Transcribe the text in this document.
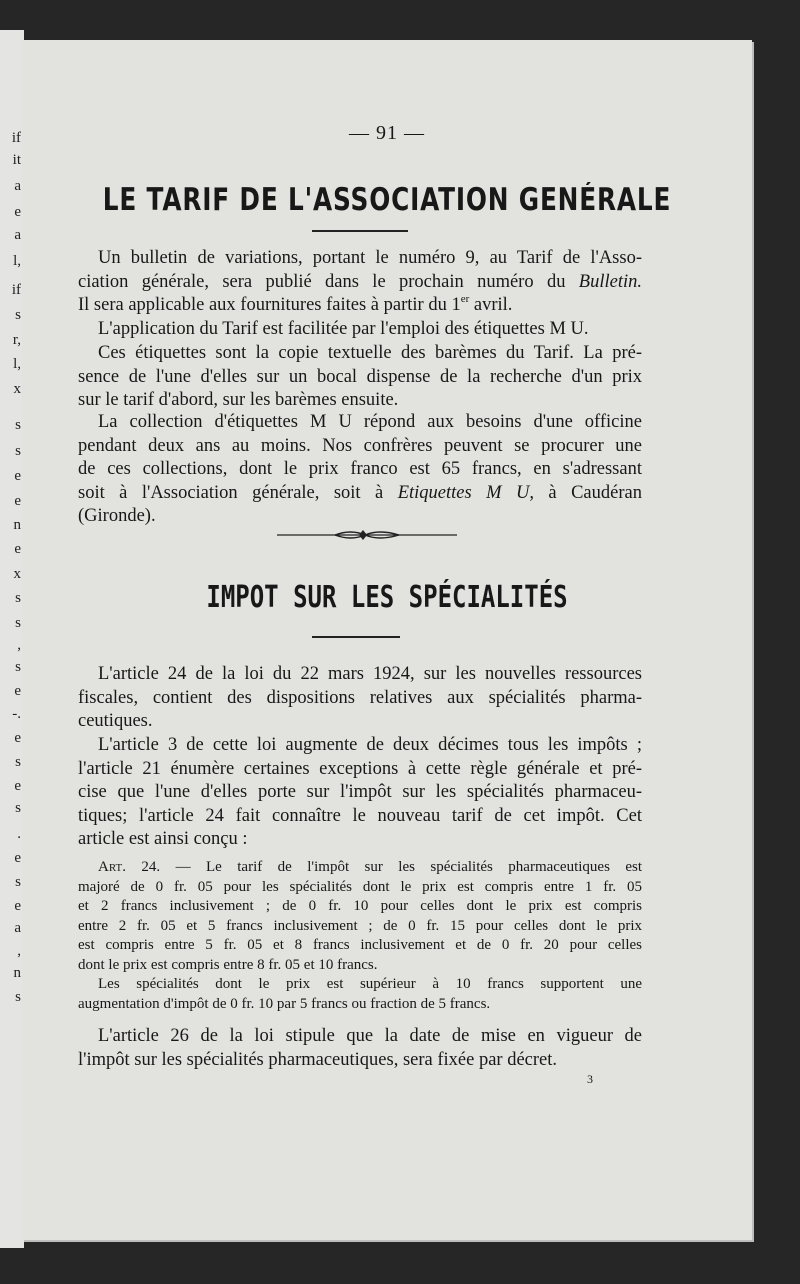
if
it
a
e
a
l,
if
s
r,
l,
x
s
s
e
e
n
e
x
s
s
,
s
e
-.
e
s
e
s
.
e
s
e
a
,
n
s
— 91 —
LE TARIF DE L'ASSOCIATION GENÉRALE

Un bulletin de variations, portant le numéro 9, au Tarif de l'Asso-
ciation générale, sera publié dans le prochain numéro du Bulletin.
Il sera applicable aux fournitures faites à partir du 1er avril.

L'application du Tarif est facilitée par l'emploi des étiquettes M U.

Ces étiquettes sont la copie textuelle des barèmes du Tarif. La pré-
sence de l'une d'elles sur un bocal dispense de la recherche d'un prix
sur le tarif d'abord, sur les barèmes ensuite.

La collection d'étiquettes M U répond aux besoins d'une officine
pendant deux ans au moins. Nos confrères peuvent se procurer une
de ces collections, dont le prix franco est 65 francs, en s'adressant
soit à l'Association générale, soit à Etiquettes M U, à Caudéran
(Gironde).

IMPOT SUR LES SPÉCIALITÉS

L'article 24 de la loi du 22 mars 1924, sur les nouvelles ressources
fiscales, contient des dispositions relatives aux spécialités pharma-
ceutiques.

L'article 3 de cette loi augmente de deux décimes tous les impôts ;
l'article 21 énumère certaines exceptions à cette règle générale et pré-
cise que l'une d'elles porte sur l'impôt sur les spécialités pharmaceu-
tiques; l'article 24 fait connaître le nouveau tarif de cet impôt. Cet
article est ainsi conçu :

Art. 24. — Le tarif de l'impôt sur les spécialités pharmaceutiques est
majoré de 0 fr. 05 pour les spécialités dont le prix est compris entre 1 fr. 05
et 2 francs inclusivement ; de 0 fr. 10 pour celles dont le prix est compris
entre 2 fr. 05 et 5 francs inclusivement ; de 0 fr. 15 pour celles dont le prix
est compris entre 5 fr. 05 et 8 francs inclusivement et de 0 fr. 20 pour celles
dont le prix est compris entre 8 fr. 05 et 10 francs.
Les spécialités dont le prix est supérieur à 10 francs supportent une
augmentation d'impôt de 0 fr. 10 par 5 francs ou fraction de 5 francs.

L'article 26 de la loi stipule que la date de mise en vigueur de
l'impôt sur les spécialités pharmaceutiques, sera fixée par décret.

3
